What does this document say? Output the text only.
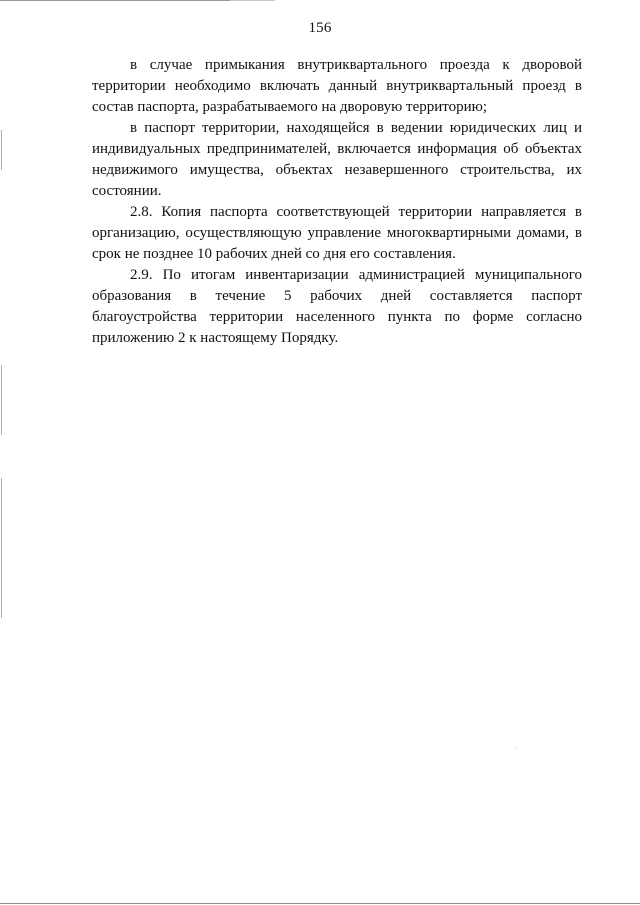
156

в случае примыкания внутриквартального проезда к дворовой территории необходимо включать данный внутриквартальный проезд в состав паспорта, разрабатываемого на дворовую территорию;

в паспорт территории, находящейся в ведении юридических лиц и индивидуальных предпринимателей, включается информация об объектах недвижимого имущества, объектах незавершенного строительства, их состоянии.

2.8. Копия паспорта соответствующей территории направляется в организацию, осуществляющую управление многоквартирными домами, в срок не позднее 10 рабочих дней со дня его составления.

2.9. По итогам инвентаризации администрацией муниципального образования в течение 5 рабочих дней составляется паспорт благоустройства территории населенного пункта по форме согласно приложению 2 к настоящему Порядку.
